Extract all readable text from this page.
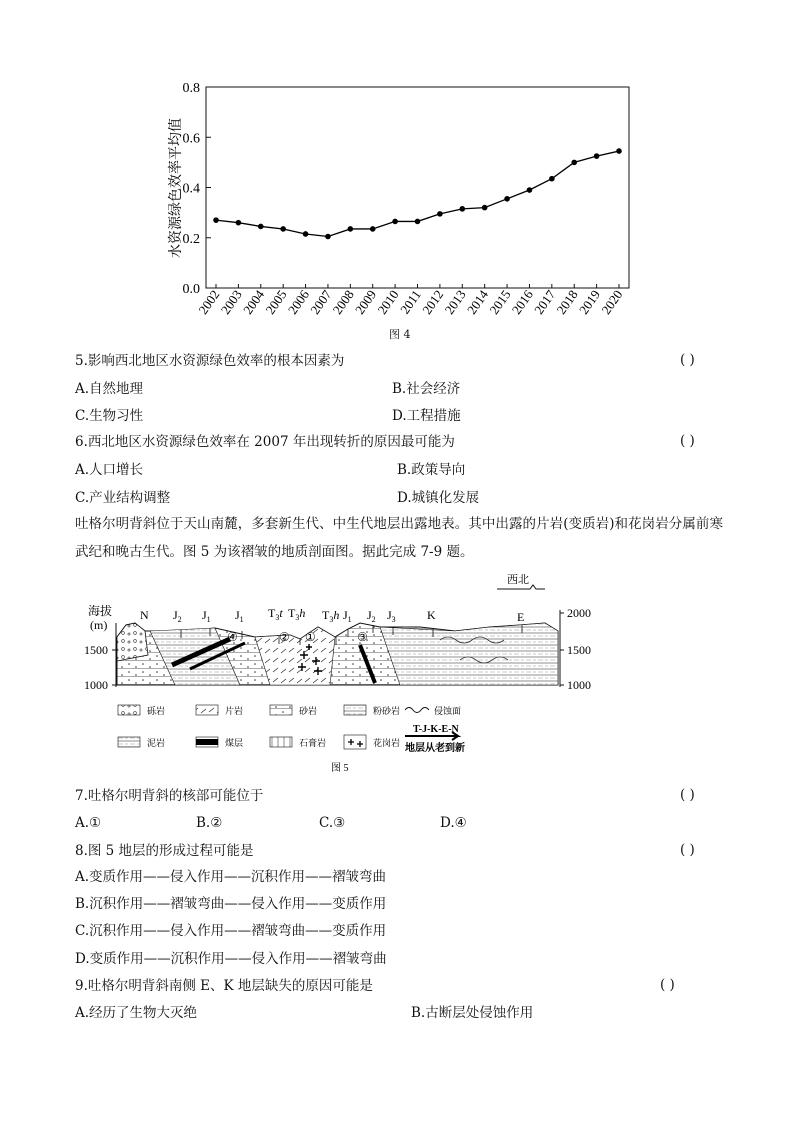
0.0
0.2
0.4
0.6
0.8
2002
2003
2004
2005
2006
2007
2008
2009
2010
2011
2012
2013
2014
2015
2016
2017
2018
2019
2020
水资源绿色效率平均值
图 4
5.影响西北地区水资源绿色效率的根本因素为	( )
A.自然地理	B.社会经济
C.生物习性	D.工程措施
6.西北地区水资源绿色效率在 2007 年出现转折的原因最可能为	( )
A.人口增长	B.政策导向
C.产业结构调整	D.城镇化发展
吐格尔明背斜位于天山南麓，多套新生代、中生代地层出露地表。其中出露的片岩(变质岩)和花岗岩分属前寒武纪和晚古生代。图 5 为该褶皱的地质剖面图。据此完成 7-9 题。
海拔
(m)
1500
1000
2000
1500
1000
西北
N $J_2$ $J_1$ $J_1$ $T_3t$ $T_3h$ $T_3h$ $J_1$ $J_2$ $J_3$	K	E
④	② ①	③
砾岩	片岩	砂岩	粉砂岩	侵蚀面
泥岩	煤层	石膏岩	花岗岩
T-J-K-E-N
地层从老到新
图 5
7.吐格尔明背斜的核部可能位于	( )
A.①	B.②	C.③	D.④
8.图 5 地层的形成过程可能是	( )
A.变质作用——侵入作用——沉积作用——褶皱弯曲
B.沉积作用——褶皱弯曲——侵入作用——变质作用
C.沉积作用——侵入作用——褶皱弯曲——变质作用
D.变质作用——沉积作用——侵入作用——褶皱弯曲
9.吐格尔明背斜南侧 E、K 地层缺失的原因可能是	( )
A.经历了生物大灭绝	B.古断层处侵蚀作用
